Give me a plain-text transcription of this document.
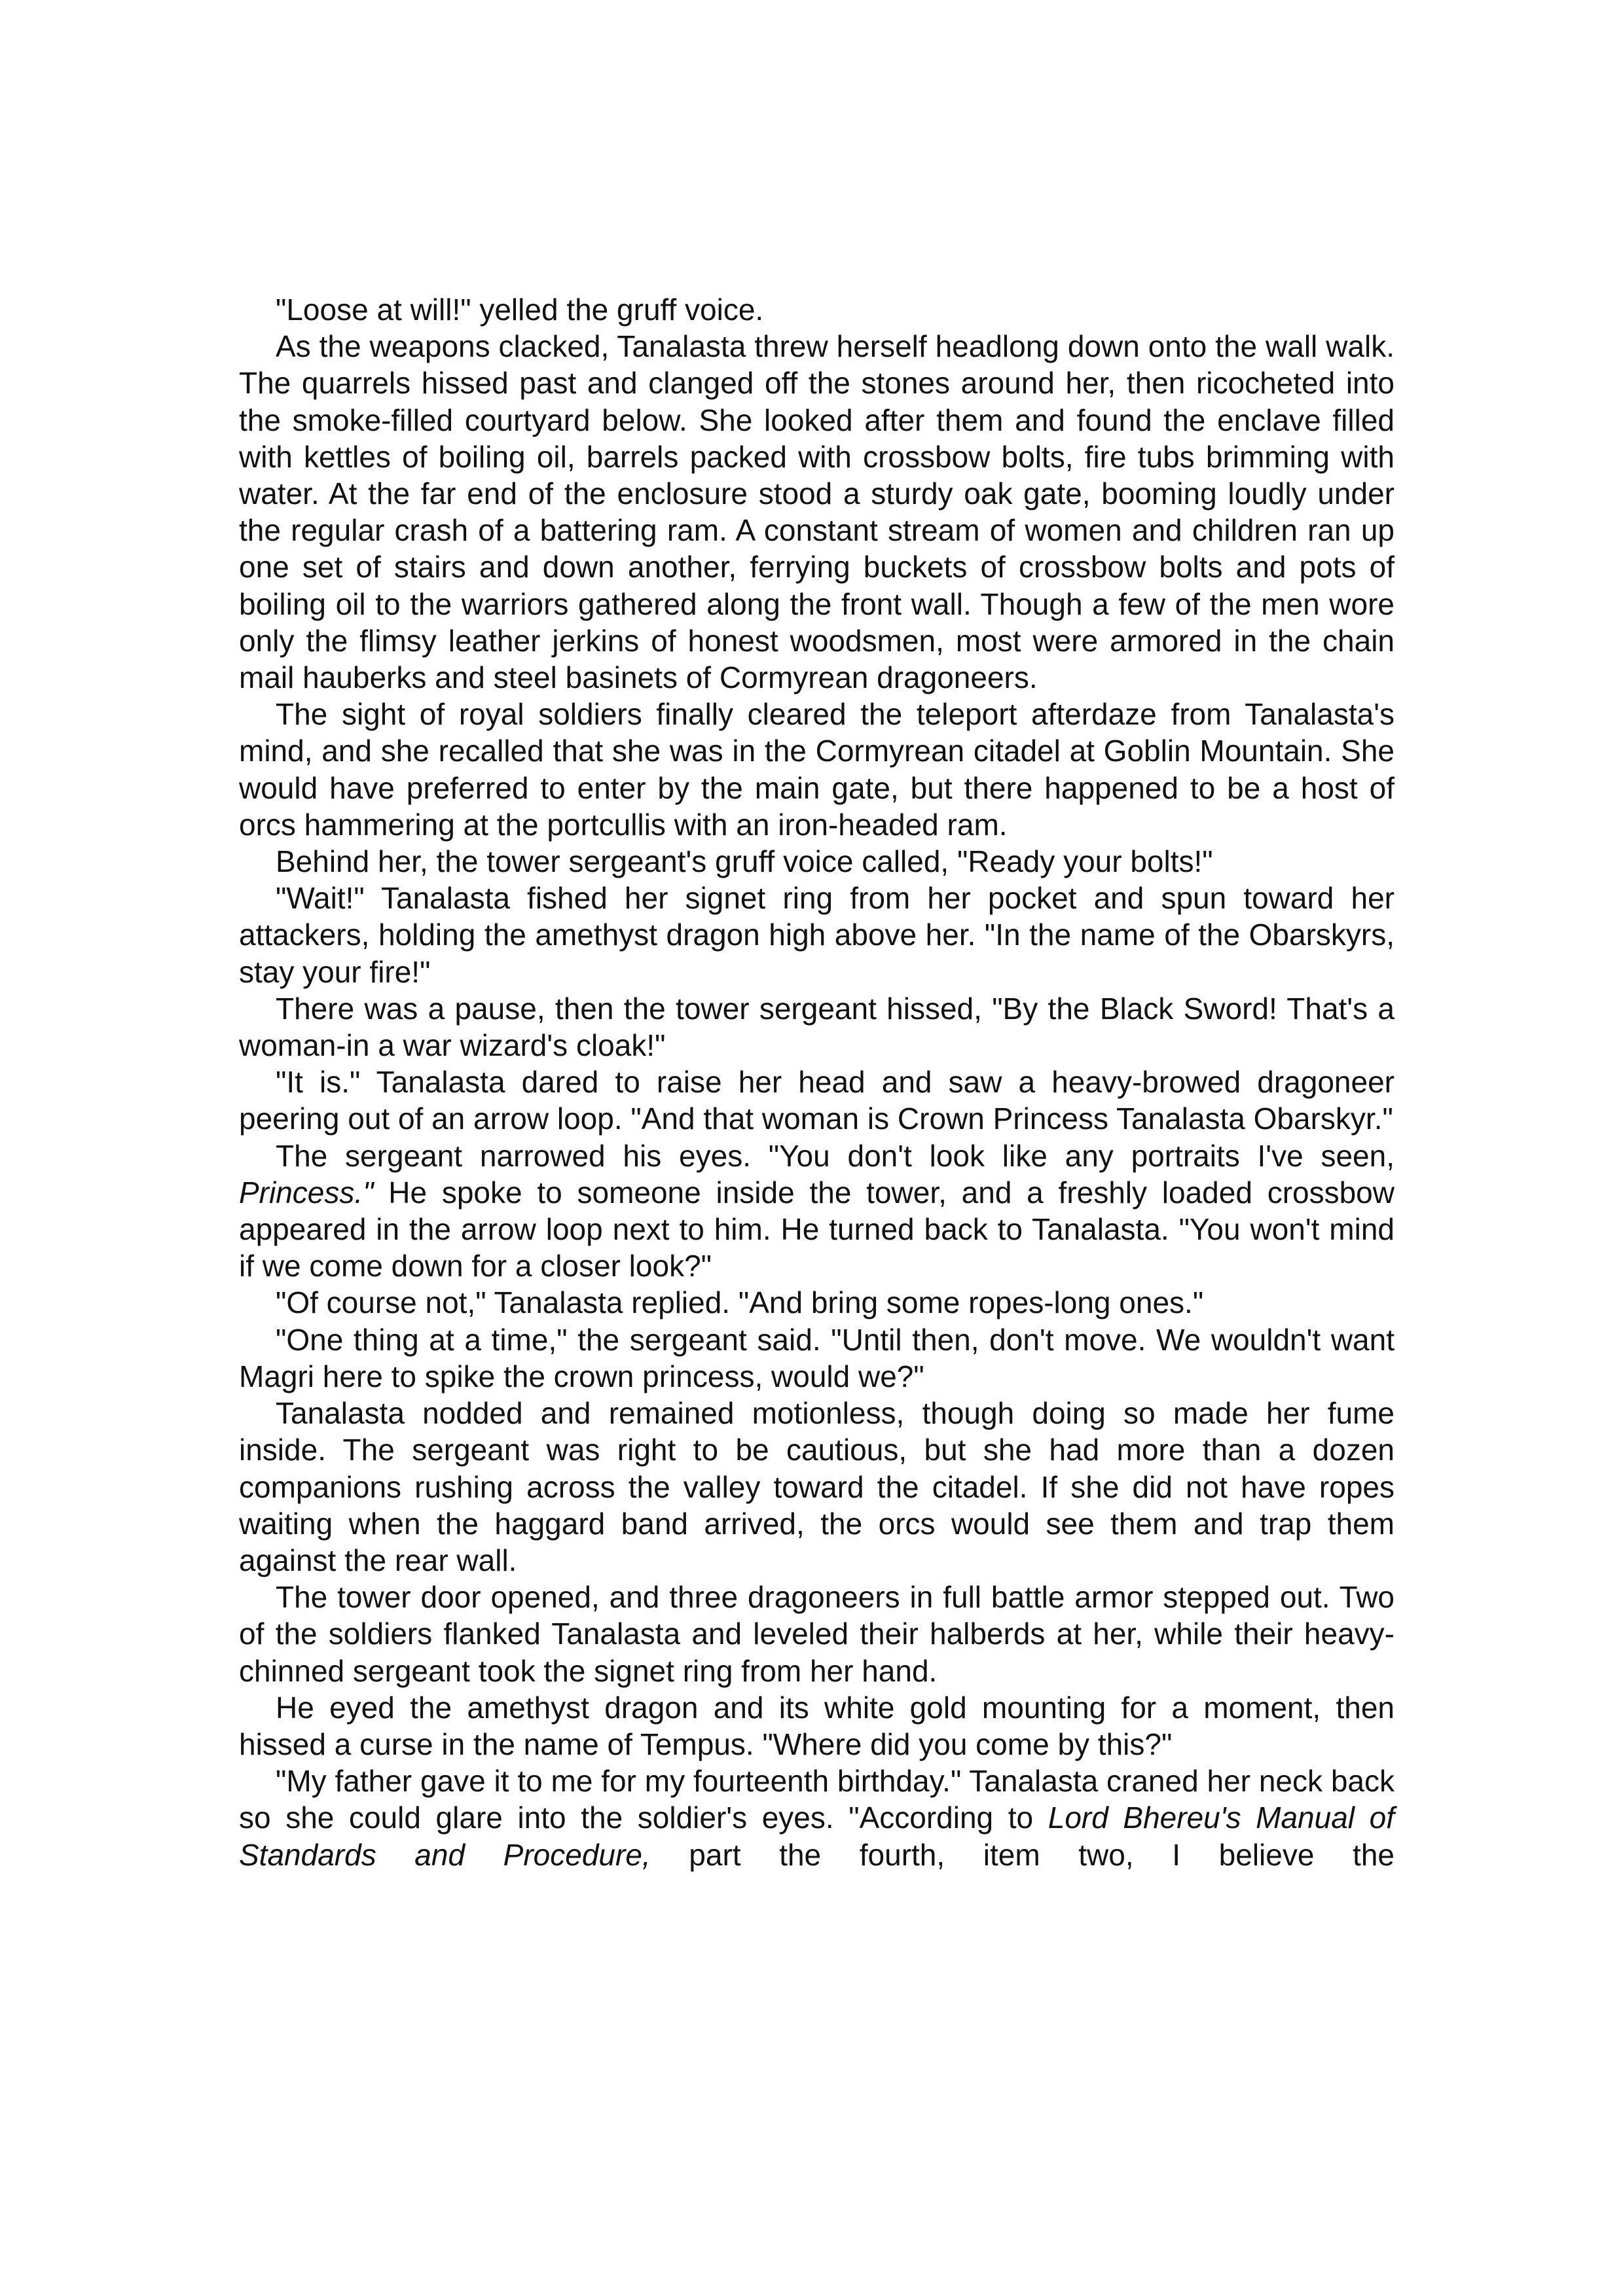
"Loose at will!" yelled the gruff voice.

As the weapons clacked, Tanalasta threw herself headlong down onto the wall walk. The quarrels hissed past and clanged off the stones around her, then ricocheted into the smoke-filled courtyard below. She looked after them and found the enclave filled with kettles of boiling oil, barrels packed with crossbow bolts, fire tubs brimming with water. At the far end of the enclosure stood a sturdy oak gate, booming loudly under the regular crash of a battering ram. A constant stream of women and children ran up one set of stairs and down another, ferrying buckets of crossbow bolts and pots of boiling oil to the warriors gathered along the front wall. Though a few of the men wore only the flimsy leather jerkins of honest woodsmen, most were armored in the chain mail hauberks and steel basinets of Cormyrean dragoneers.

The sight of royal soldiers finally cleared the teleport afterdaze from Tanalasta's mind, and she recalled that she was in the Cormyrean citadel at Goblin Mountain. She would have preferred to enter by the main gate, but there happened to be a host of orcs hammering at the portcullis with an iron-headed ram.

Behind her, the tower sergeant's gruff voice called, "Ready your bolts!"

"Wait!" Tanalasta fished her signet ring from her pocket and spun toward her attackers, holding the amethyst dragon high above her. "In the name of the Obarskyrs, stay your fire!"

There was a pause, then the tower sergeant hissed, "By the Black Sword! That's a woman-in a war wizard's cloak!"

"It is." Tanalasta dared to raise her head and saw a heavy-browed dragoneer peering out of an arrow loop. "And that woman is Crown Princess Tanalasta Obarskyr."

The sergeant narrowed his eyes. "You don't look like any portraits I've seen, Princess." He spoke to someone inside the tower, and a freshly loaded crossbow appeared in the arrow loop next to him. He turned back to Tanalasta. "You won't mind if we come down for a closer look?"

"Of course not," Tanalasta replied. "And bring some ropes-long ones."

"One thing at a time," the sergeant said. "Until then, don't move. We wouldn't want Magri here to spike the crown princess, would we?"

Tanalasta nodded and remained motionless, though doing so made her fume inside. The sergeant was right to be cautious, but she had more than a dozen companions rushing across the valley toward the citadel. If she did not have ropes waiting when the haggard band arrived, the orcs would see them and trap them against the rear wall.

The tower door opened, and three dragoneers in full battle armor stepped out. Two of the soldiers flanked Tanalasta and leveled their halberds at her, while their heavy-chinned sergeant took the signet ring from her hand.

He eyed the amethyst dragon and its white gold mounting for a moment, then hissed a curse in the name of Tempus. "Where did you come by this?"

"My father gave it to me for my fourteenth birthday." Tanalasta craned her neck back so she could glare into the soldier's eyes. "According to Lord Bhereu's Manual of Standards and Procedure, part the fourth, item two, I believe the
